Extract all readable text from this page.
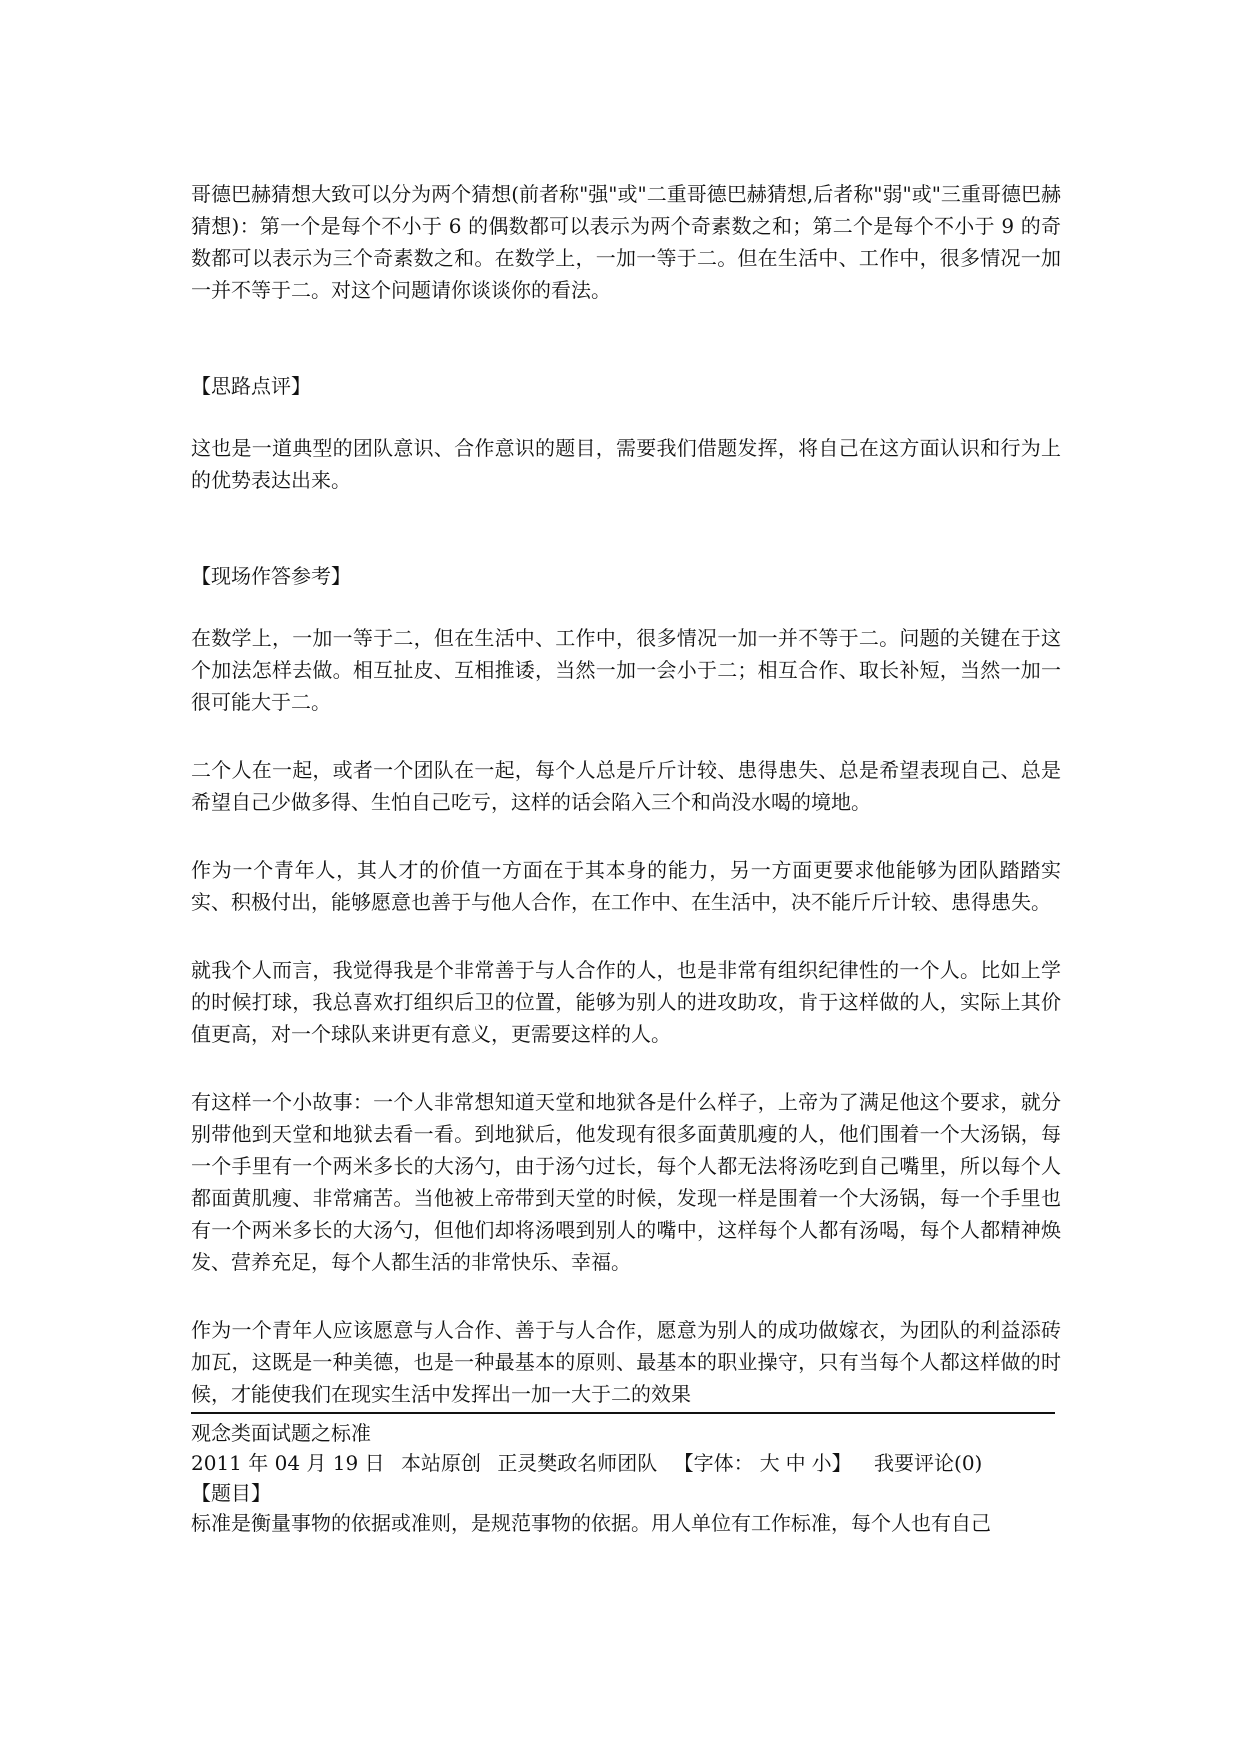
哥德巴赫猜想大致可以分为两个猜想(前者称"强"或"二重哥德巴赫猜想,后者称"弱"或"三重哥德巴赫猜想)：第一个是每个不小于 6 的偶数都可以表示为两个奇素数之和；第二个是每个不小于 9 的奇数都可以表示为三个奇素数之和。在数学上，一加一等于二。但在生活中、工作中，很多情况一加一并不等于二。对这个问题请你谈谈你的看法。

【思路点评】

这也是一道典型的团队意识、合作意识的题目，需要我们借题发挥，将自己在这方面认识和行为上的优势表达出来。

【现场作答参考】

在数学上，一加一等于二，但在生活中、工作中，很多情况一加一并不等于二。问题的关键在于这个加法怎样去做。相互扯皮、互相推诿，当然一加一会小于二；相互合作、取长补短，当然一加一很可能大于二。

二个人在一起，或者一个团队在一起，每个人总是斤斤计较、患得患失、总是希望表现自己、总是希望自己少做多得、生怕自己吃亏，这样的话会陷入三个和尚没水喝的境地。

作为一个青年人，其人才的价值一方面在于其本身的能力，另一方面更要求他能够为团队踏踏实实、积极付出，能够愿意也善于与他人合作，在工作中、在生活中，决不能斤斤计较、患得患失。

就我个人而言，我觉得我是个非常善于与人合作的人，也是非常有组织纪律性的一个人。比如上学的时候打球，我总喜欢打组织后卫的位置，能够为别人的进攻助攻，肯于这样做的人，实际上其价值更高，对一个球队来讲更有意义，更需要这样的人。

有这样一个小故事：一个人非常想知道天堂和地狱各是什么样子，上帝为了满足他这个要求，就分别带他到天堂和地狱去看一看。到地狱后，他发现有很多面黄肌瘦的人，他们围着一个大汤锅，每一个手里有一个两米多长的大汤勺，由于汤勺过长，每个人都无法将汤吃到自己嘴里，所以每个人都面黄肌瘦、非常痛苦。当他被上帝带到天堂的时候，发现一样是围着一个大汤锅，每一个手里也有一个两米多长的大汤勺，但他们却将汤喂到别人的嘴中，这样每个人都有汤喝，每个人都精神焕发、营养充足，每个人都生活的非常快乐、幸福。

作为一个青年人应该愿意与人合作、善于与人合作，愿意为别人的成功做嫁衣，为团队的利益添砖加瓦，这既是一种美德，也是一种最基本的原则、最基本的职业操守，只有当每个人都这样做的时候，才能使我们在现实生活中发挥出一加一大于二的效果

观念类面试题之标准

2011 年 04 月 19 日 本站原创 正灵樊政名师团队 【字体： 大 中 小】 我要评论(0)

【题目】

标准是衡量事物的依据或准则，是规范事物的依据。用人单位有工作标准，每个人也有自己
